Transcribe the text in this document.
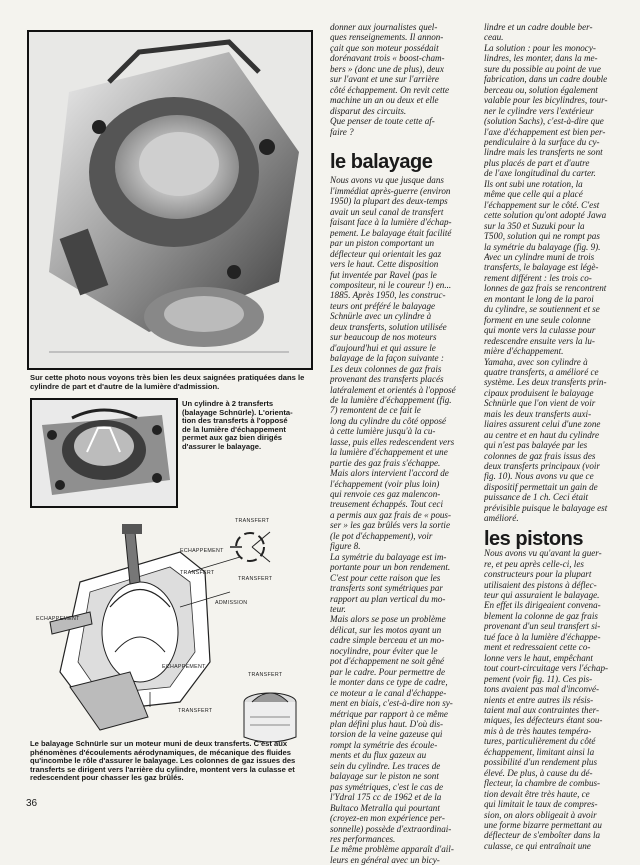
Sur cette photo nous voyons très bien les deux saignées pratiquées dans le cylindre de part et d'autre de la lumière d'admission.
Un cylindre à 2 transferts
(balayage Schnürle). L'orienta-
tion des transferts à l'opposé
de la lumière d'échappement
permet aux gaz bien dirigés
d'assurer le balayage.
TRANSFERT
ECHAPPEMENT
TRANSFERT
TRANSFERT
ADMISSION
ECHAPPEMENT
ECHAPPEMENT
TRANSFERT
TRANSFERT
Le balayage Schnürle sur un moteur muni de deux transferts. C'est aux phénomènes d'écoulements aérodynamiques, de mécanique des fluides qu'incombe le rôle d'assurer le balayage. Les colonnes de gaz issues des transferts se dirigent vers l'arrière du cylindre, montent vers la culasse et redescendent pour chasser les gaz brûlés.
36
donner aux journalistes quel-
ques renseignements. Il annon-
çait que son moteur possédait
dorénavant trois « boost-cham-
bers » (donc une de plus), deux
sur l'avant et une sur l'arrière
côté échappement. On revit cette
machine un an ou deux et elle
disparut des circuits.
Que penser de toute cette af-
faire ?
le balayage
Nous avons vu que jusque dans
l'immédiat après-guerre (environ
1950) la plupart des deux-temps
avait un seul canal de transfert
faisant face à la lumière d'échap-
pement. Le balayage était facilité
par un piston comportant un
déflecteur qui orientait les gaz
vers le haut. Cette disposition
fut inventée par Ravel (pas le
compositeur, ni le coureur !) en...
1885. Après 1950, les construc-
teurs ont préféré le balayage
Schnürle avec un cylindre à
deux transferts, solution utilisée
sur beaucoup de nos moteurs
d'aujourd'hui et qui assure le
balayage de la façon suivante :
Les deux colonnes de gaz frais
provenant des transferts placés
latéralement et orientés à l'opposé
de la lumière d'échappement (fig.
7) remontent de ce fait le
long du cylindre du côté opposé
à cette lumière jusqu'à la cu-
lasse, puis elles redescendent vers
la lumière d'échappement et une
partie des gaz frais s'échappe.
Mais alors intervient l'accord de
l'échappement (voir plus loin)
qui renvoie ces gaz malencon-
treusement échappés. Tout ceci
a permis aux gaz frais de « pous-
ser » les gaz brûlés vers la sortie
(le pot d'échappement), voir
figure 8.
La symétrie du balayage est im-
portante pour un bon rendement.
C'est pour cette raison que les
transferts sont symétriques par
rapport au plan vertical du mo-
teur.
Mais alors se pose un problème
délicat, sur les motos ayant un
cadre simple berceau et un mo-
nocylindre, pour éviter que le
pot d'échappement ne soit gêné
par le cadre. Pour permettre de
le monter dans ce type de cadre,
ce moteur a le canal d'échappe-
ment en biais, c'est-à-dire non sy-
métrique par rapport à ce même
plan défini plus haut. D'où dis-
torsion de la veine gazeuse qui
rompt la symétrie des écoule-
ments et du flux gazeux au
sein du cylindre. Les traces de
balayage sur le piston ne sont
pas symétriques, c'est le cas de
l'Ydral 175 cc de 1962 et de la
Bultaco Metralla qui pourtant
(croyez-en mon expérience per-
sonnelle) possède d'extraordinai-
res performances.
Le même problème apparaît d'ail-
leurs en général avec un bicy-
lindre et un cadre double ber-
ceau.
La solution : pour les monocy-
lindres, les monter, dans la me-
sure du possible au point de vue
fabrication, dans un cadre double
berceau ou, solution également
valable pour les bicylindres, tour-
ner le cylindre vers l'extérieur
(solution Sachs), c'est-à-dire que
l'axe d'échappement est bien per-
pendiculaire à la surface du cy-
lindre mais les transferts ne sont
plus placés de part et d'autre
de l'axe longitudinal du carter.
Ils ont subi une rotation, la
même que celle qui a placé
l'échappement sur le côté. C'est
cette solution qu'ont adopté Jawa
sur la 350 et Suzuki pour la
T500, solution qui ne rompt pas
la symétrie du balayage (fig. 9).
Avec un cylindre muni de trois
transferts, le balayage est légè-
rement différent : les trois co-
lonnes de gaz frais se rencontrent
en montant le long de la paroi
du cylindre, se soutiennent et se
forment en une seule colonne
qui monte vers la culasse pour
redescendre ensuite vers la lu-
mière d'échappement.
Yamaha, avec son cylindre à
quatre transferts, a amélioré ce
système. Les deux transferts prin-
cipaux produisent le balayage
Schnürle que l'on vient de voir
mais les deux transferts auxi-
liaires assurent celui d'une zone
au centre et en haut du cylindre
qui n'est pas balayée par les
colonnes de gaz frais issus des
deux transferts principaux (voir
fig. 10). Nous avons vu que ce
dispositif permettait un gain de
puissance de 1 ch. Ceci était
prévisible puisque le balayage est
amélioré.
les pistons
Nous avons vu qu'avant la guer-
re, et peu après celle-ci, les
constructeurs pour la plupart
utilisaient des pistons à déflec-
teur qui assuraient le balayage.
En effet ils dirigeaient convena-
blement la colonne de gaz frais
provenant d'un seul transfert si-
tué face à la lumière d'échappe-
ment et redressaient cette co-
lonne vers le haut, empêchant
tout court-circuitage vers l'échap-
pement (voir fig. 11). Ces pis-
tons avaient pas mal d'inconvé-
nients et entre autres ils résis-
taient mal aux contraintes ther-
miques, les défecteurs étant sou-
mis à de très hautes tempéra-
tures, particulièrement du côté
échappement, limitant ainsi la
possibilité d'un rendement plus
élevé. De plus, à cause du dé-
flecteur, la chambre de combus-
tion devait être très haute, ce
qui limitait le taux de compres-
sion, on alors obligeait à avoir
une forme bizarre permettant au
déflecteur de s'emboîter dans la
culasse, ce qui entraînait une
